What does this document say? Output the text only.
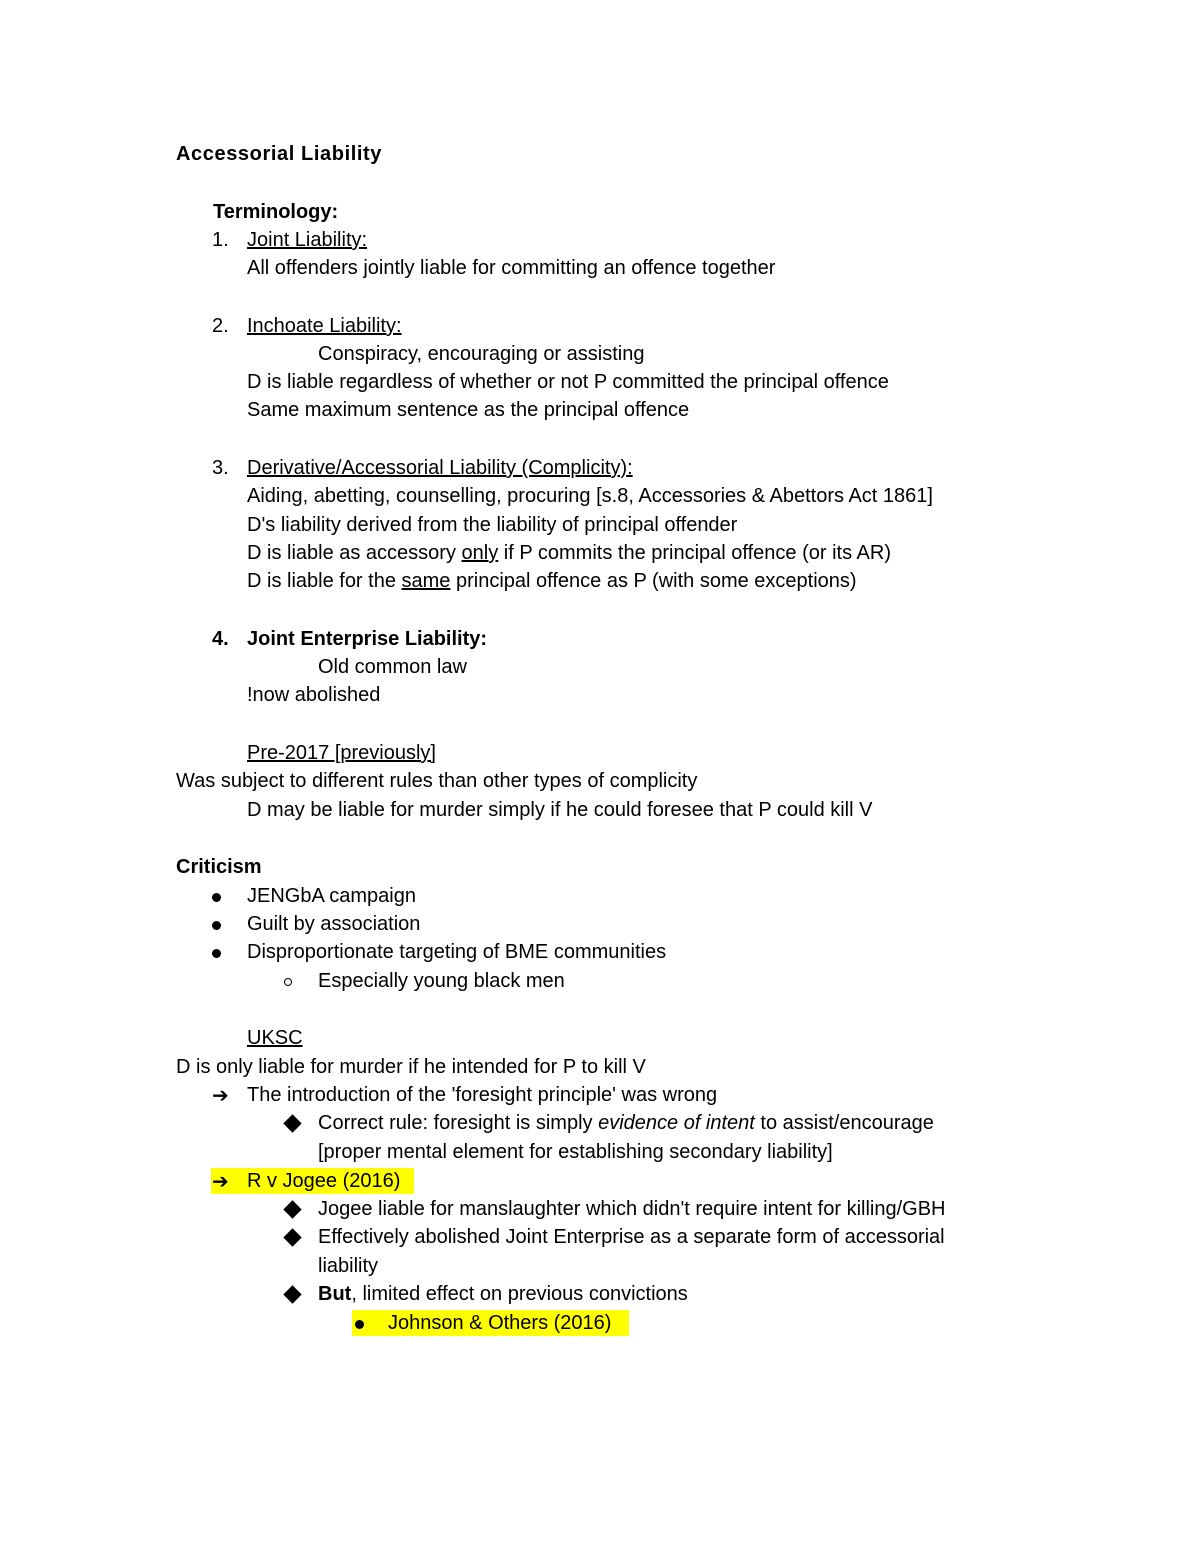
Accessorial Liability
Terminology:
1. Joint Liability:
All offenders jointly liable for committing an offence together
2. Inchoate Liability:
Conspiracy, encouraging or assisting
D is liable regardless of whether or not P committed the principal offence
Same maximum sentence as the principal offence
3. Derivative/Accessorial Liability (Complicity):
Aiding, abetting, counselling, procuring [s.8, Accessories & Abettors Act 1861]
D's liability derived from the liability of principal offender
D is liable as accessory only if P commits the principal offence (or its AR)
D is liable for the same principal offence as P (with some exceptions)
4. Joint Enterprise Liability:
Old common law
!now abolished
Pre-2017 [previously]
Was subject to different rules than other types of complicity
D may be liable for murder simply if he could foresee that P could kill V
Criticism
JENGbA campaign
Guilt by association
Disproportionate targeting of BME communities
Especially young black men
UKSC
D is only liable for murder if he intended for P to kill V
➔ The introduction of the 'foresight principle' was wrong
Correct rule: foresight is simply evidence of intent to assist/encourage
[proper mental element for establishing secondary liability]
➔ R v Jogee (2016)
Jogee liable for manslaughter which didn't require intent for killing/GBH
Effectively abolished Joint Enterprise as a separate form of accessorial
liability
But, limited effect on previous convictions
Johnson & Others (2016)
